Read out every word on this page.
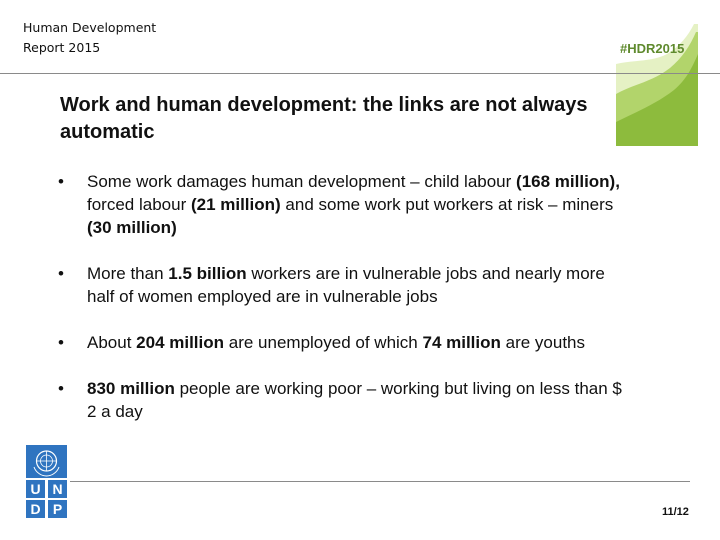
Human Development
Report 2015	#HDR2015
Work and human development: the links are not always automatic
• Some work damages human development – child labour (168 million), forced labour (21 million) and some work put workers at risk – miners (30 million)
• More than 1.5 billion workers are in vulnerable jobs and nearly more half of women employed are in vulnerable jobs
• About 204 million are unemployed of which 74 million are youths
• 830 million people are working poor – working but living on less than $ 2 a day
U N
D P	11/12
